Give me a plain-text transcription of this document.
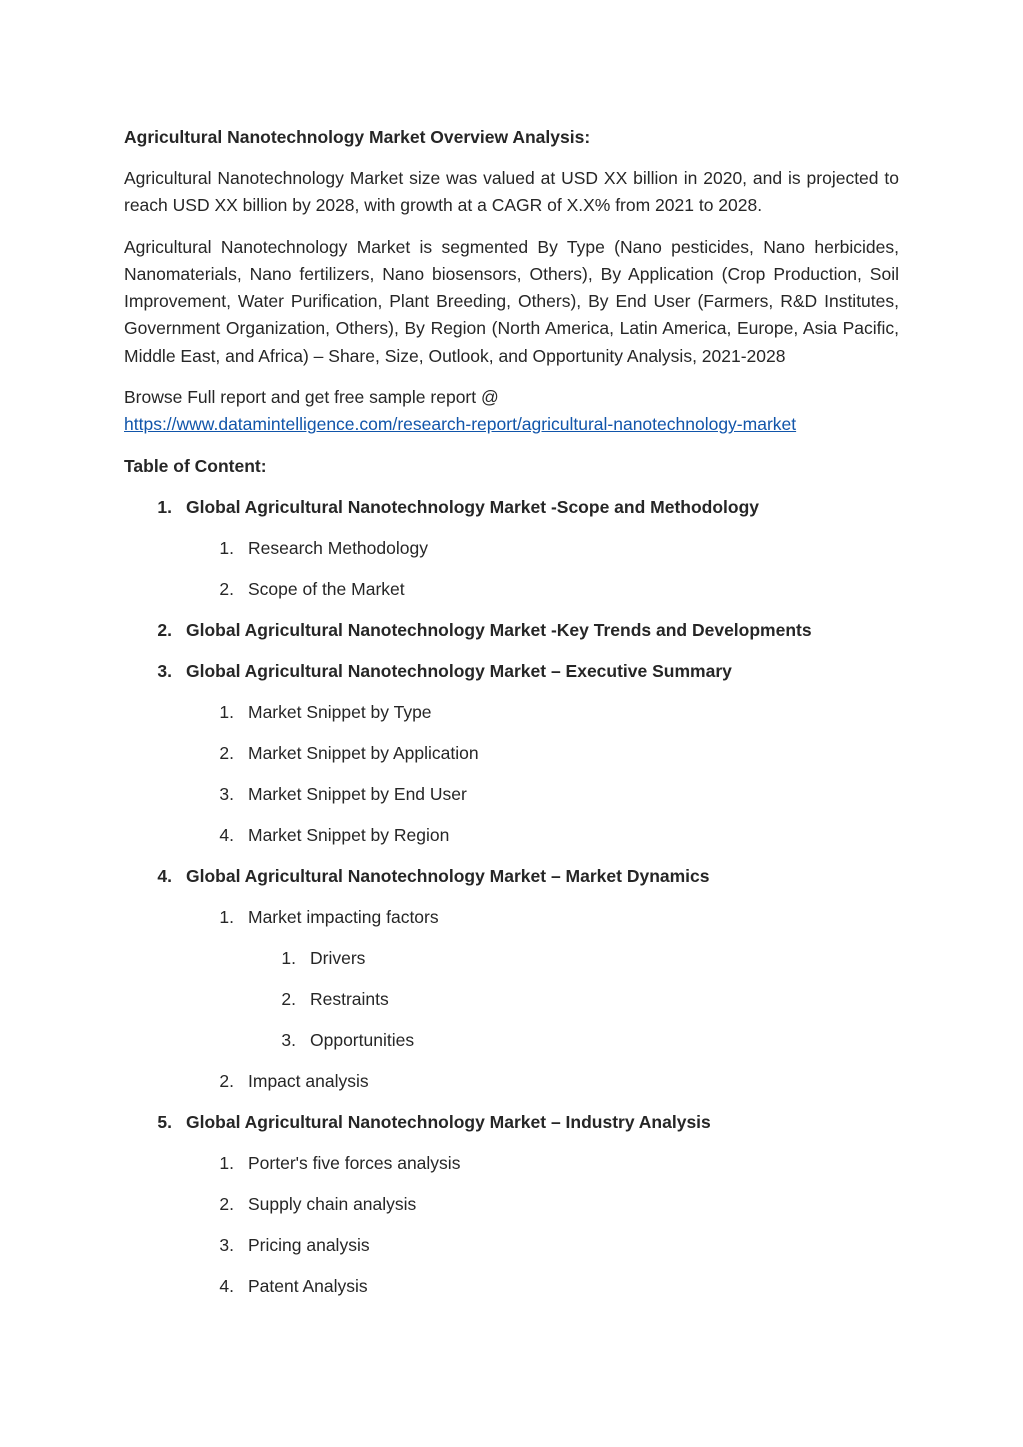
Agricultural Nanotechnology Market Overview Analysis:

Agricultural Nanotechnology Market size was valued at USD XX billion in 2020, and is projected to reach USD XX billion by 2028, with growth at a CAGR of X.X% from 2021 to 2028.

Agricultural Nanotechnology Market is segmented By Type (Nano pesticides, Nano herbicides, Nanomaterials, Nano fertilizers, Nano biosensors, Others), By Application (Crop Production, Soil Improvement, Water Purification, Plant Breeding, Others), By End User (Farmers, R&D Institutes, Government Organization, Others), By Region (North America, Latin America, Europe, Asia Pacific, Middle East, and Africa) – Share, Size, Outlook, and Opportunity Analysis, 2021-2028

Browse Full report and get free sample report @
https://www.datamintelligence.com/research-report/agricultural-nanotechnology-market

Table of Content:

1. Global Agricultural Nanotechnology Market -Scope and Methodology
1. Research Methodology
2. Scope of the Market
2. Global Agricultural Nanotechnology Market -Key Trends and Developments
3. Global Agricultural Nanotechnology Market – Executive Summary
1. Market Snippet by Type
2. Market Snippet by Application
3. Market Snippet by End User
4. Market Snippet by Region
4. Global Agricultural Nanotechnology Market – Market Dynamics
1. Market impacting factors
1. Drivers
2. Restraints
3. Opportunities
2. Impact analysis
5. Global Agricultural Nanotechnology Market – Industry Analysis
1. Porter's five forces analysis
2. Supply chain analysis
3. Pricing analysis
4. Patent Analysis
